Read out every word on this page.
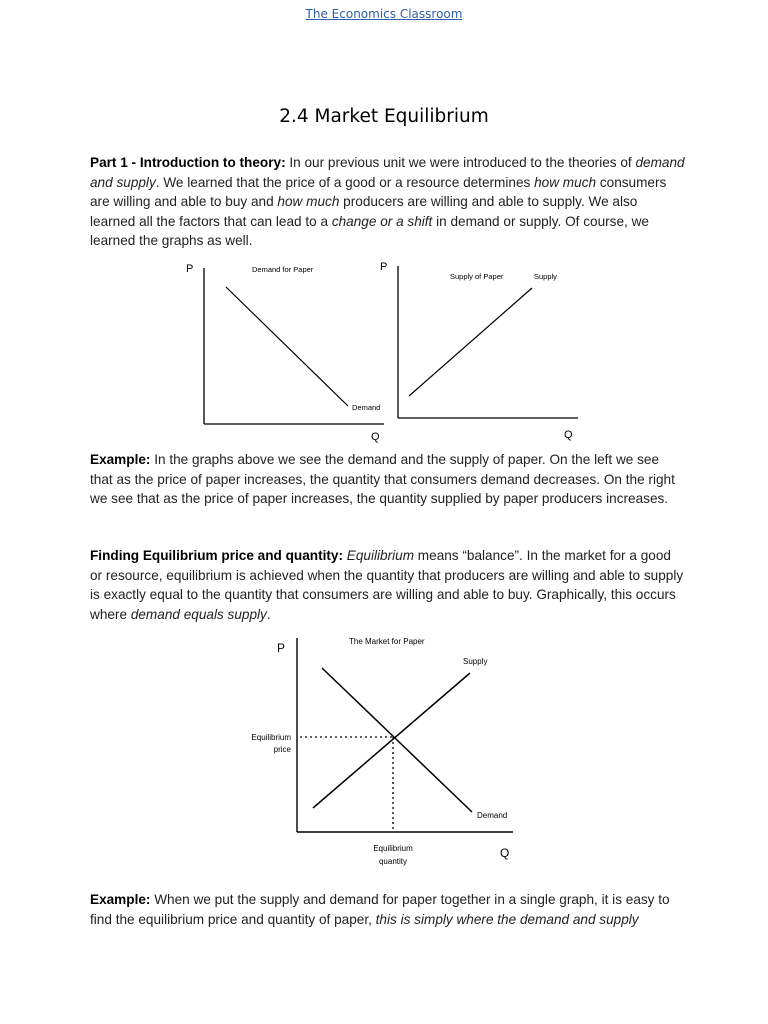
The Economics Classroom
2.4 Market Equilibrium

Part 1 - Introduction to theory: In our previous unit we were introduced to the theories of demand and supply. We learned that the price of a good or a resource determines how much consumers are willing and able to buy and how much producers are willing and able to supply. We also learned all the factors that can lead to a change or a shift in demand or supply. Of course, we learned the graphs as well.

P	Demand for Paper
Demand
Q
P
Supply of Paper	Supply
Q
P	The Market for Paper
Supply
Demand
Equilibrium
price
Equilibrium
quantity
Q

Example: In the graphs above we see the demand and the supply of paper. On the left we see that as the price of paper increases, the quantity that consumers demand decreases. On the right we see that as the price of paper increases, the quantity supplied by paper producers increases.

Finding Equilibrium price and quantity: Equilibrium means “balance”. In the market for a good or resource, equilibrium is achieved when the quantity that producers are willing and able to supply is exactly equal to the quantity that consumers are willing and able to buy. Graphically, this occurs where demand equals supply.

Example: When we put the supply and demand for paper together in a single graph, it is easy to find the equilibrium price and quantity of paper, this is simply where the demand and supply
